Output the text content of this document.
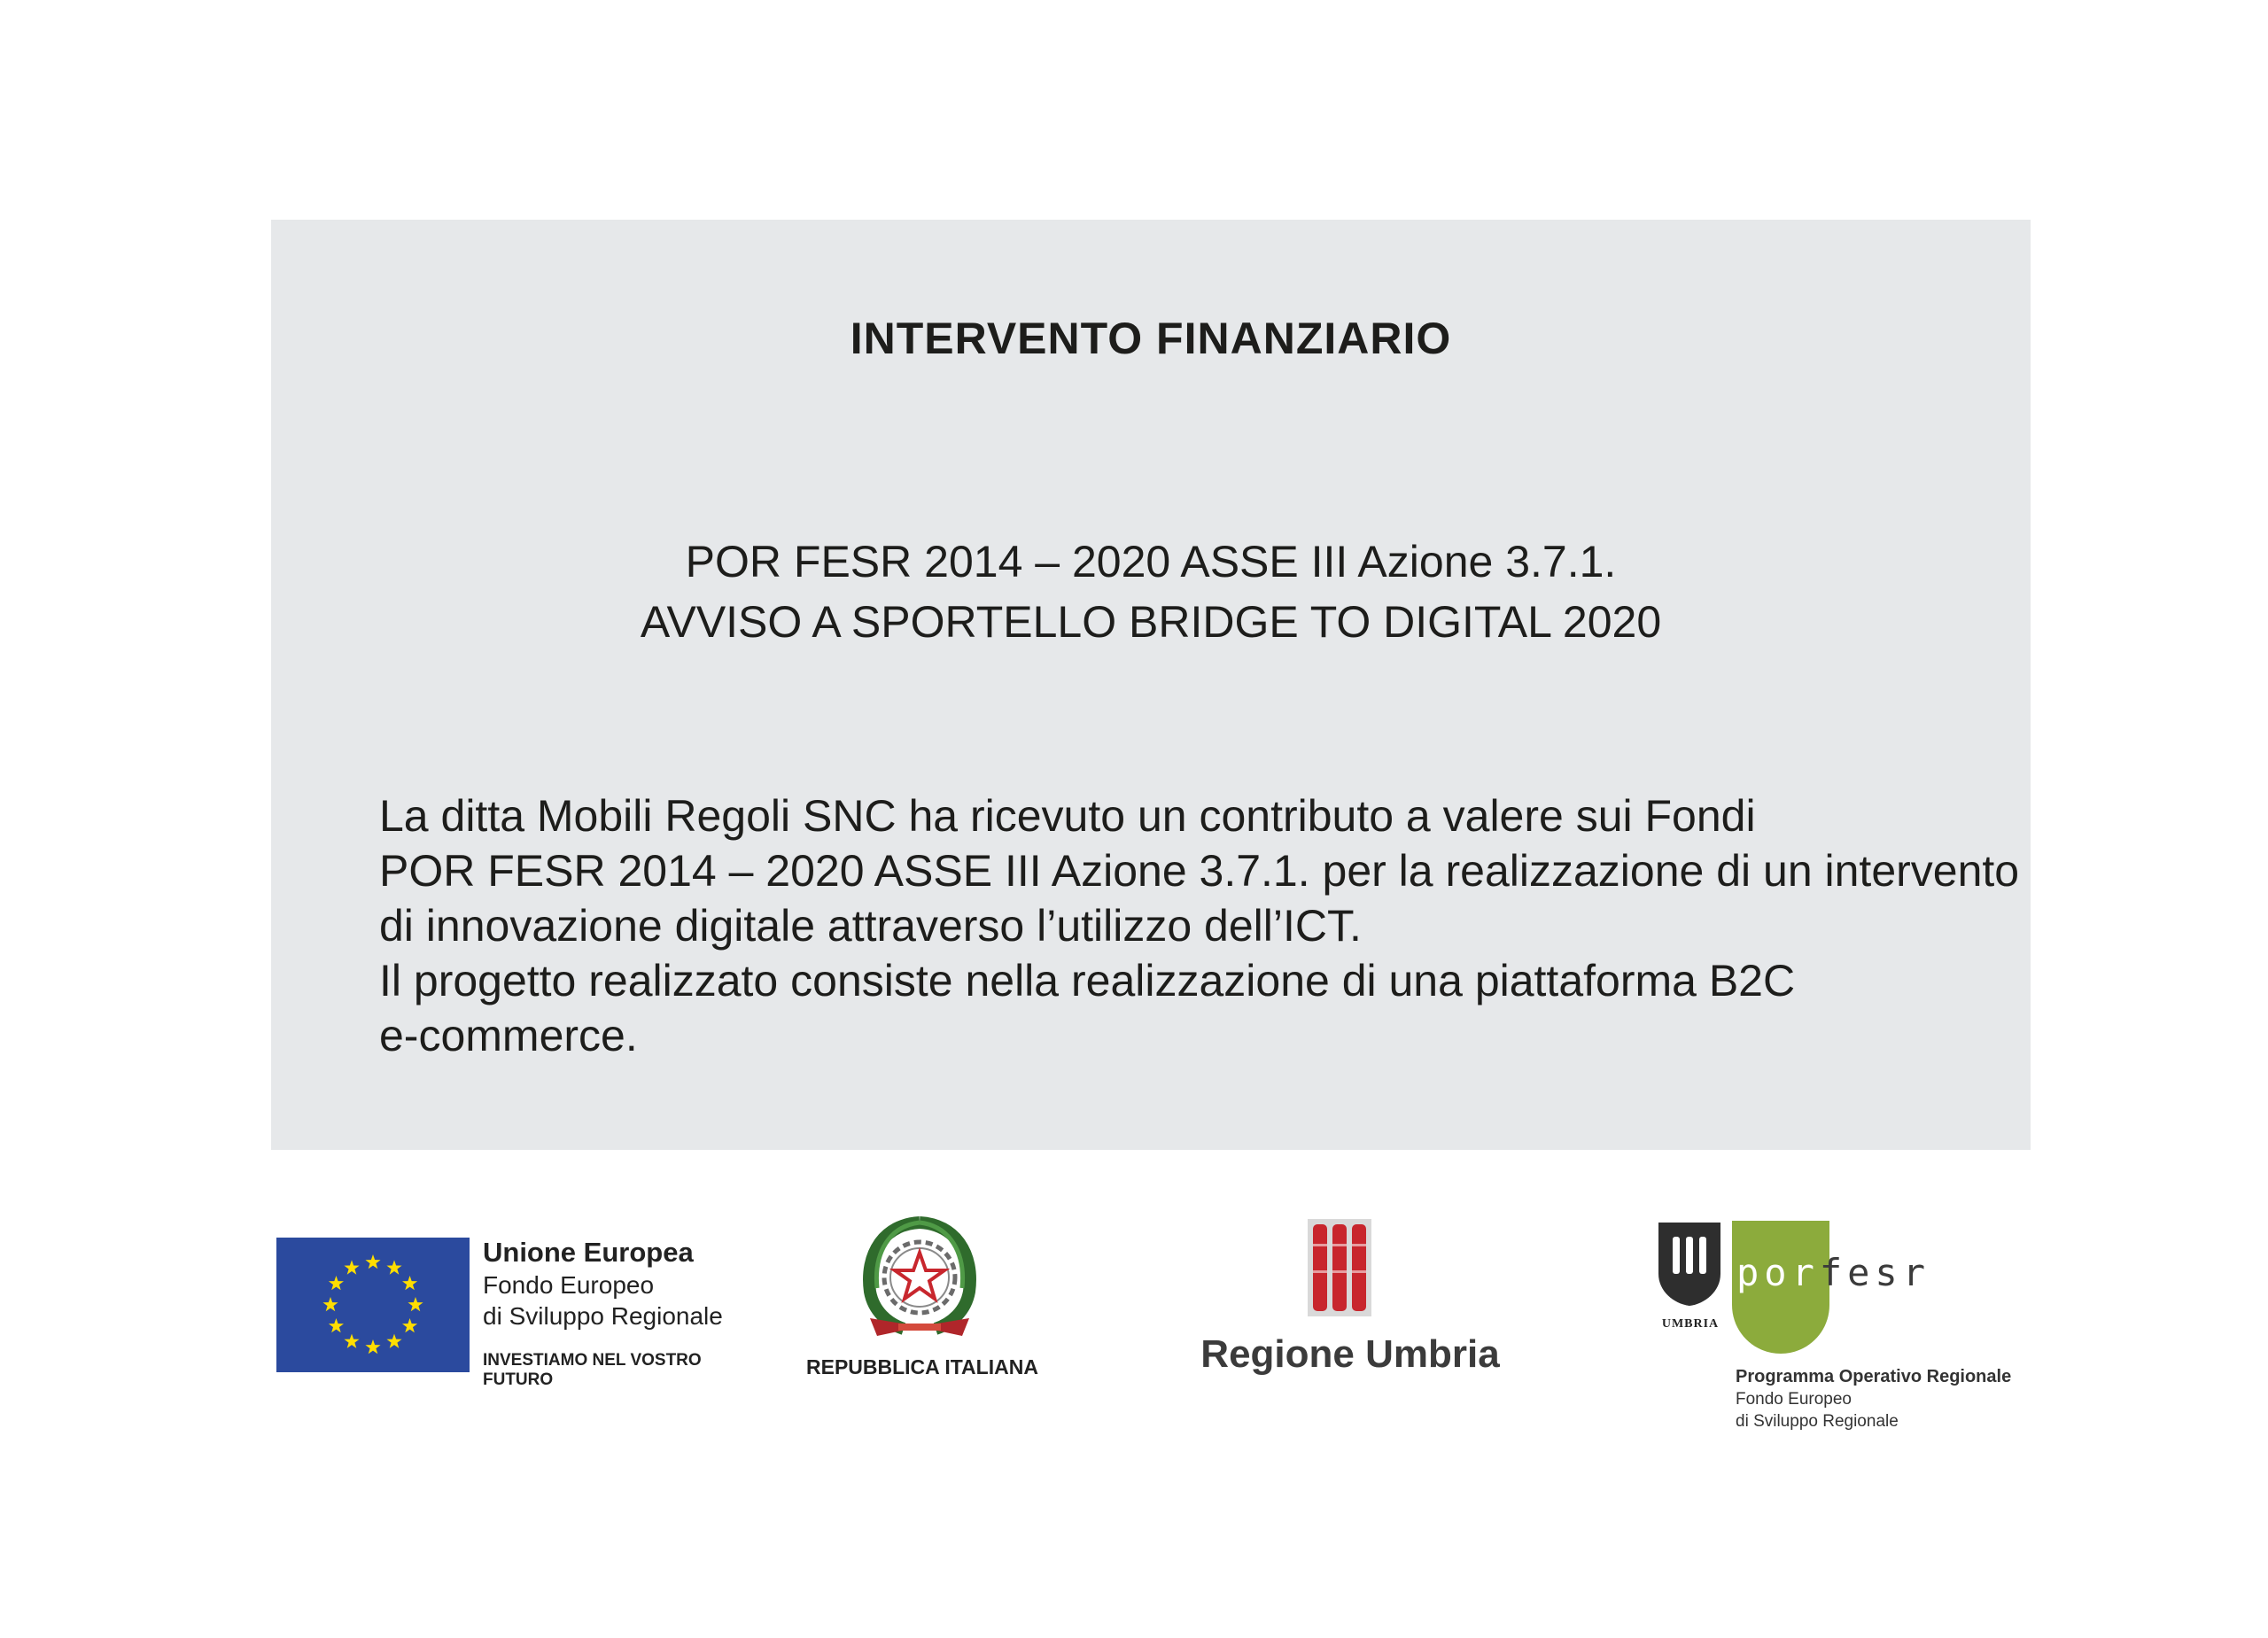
INTERVENTO FINANZIARIO
POR FESR 2014 – 2020 ASSE III Azione 3.7.1.
AVVISO A SPORTELLO BRIDGE TO DIGITAL 2020
La ditta Mobili Regoli SNC ha ricevuto un contributo a valere sui Fondi
POR FESR 2014 – 2020 ASSE III Azione 3.7.1. per la realizzazione di un intervento
di innovazione digitale attraverso l’utilizzo dell’ICT.
Il progetto realizzato consiste nella realizzazione di una piattaforma B2C
e-commerce.
Unione Europea
Fondo Europeo
di Sviluppo Regionale
INVESTIAMO NEL VOSTRO FUTURO
REPUBBLICA ITALIANA	Regione Umbria
UMBRIA
porfesr
Programma Operativo Regionale
Fondo Europeo
di Sviluppo Regionale
